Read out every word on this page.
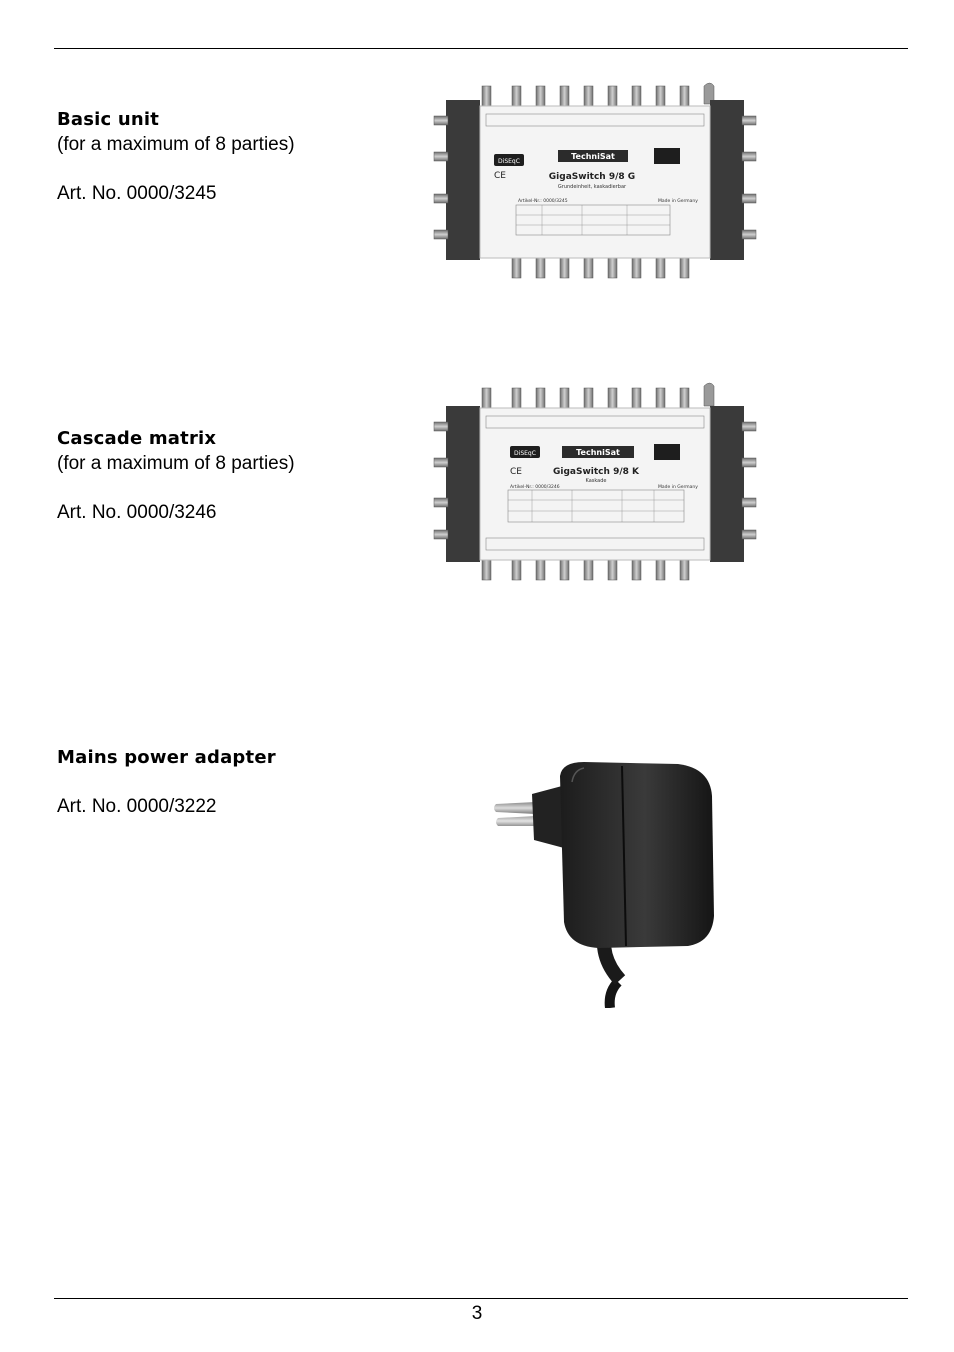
Basic unit

(for a maximum of 8 parties)

Art. No. 0000/3245

Cascade matrix

(for a maximum of 8 parties)

Art. No. 0000/3246

Mains power adapter

Art. No. 0000/3222

DiSEqC
TechniSat
CE	GigaSwitch 9/8 G
Grundeinheit, kaskadierbar
Artikel-Nr.: 0000/3245	Made in Germany
DiSEqC	TechniSat
CE	GigaSwitch 9/8 K
Kaskade
Artikel-Nr.: 0000/3246	Made in Germany
3
